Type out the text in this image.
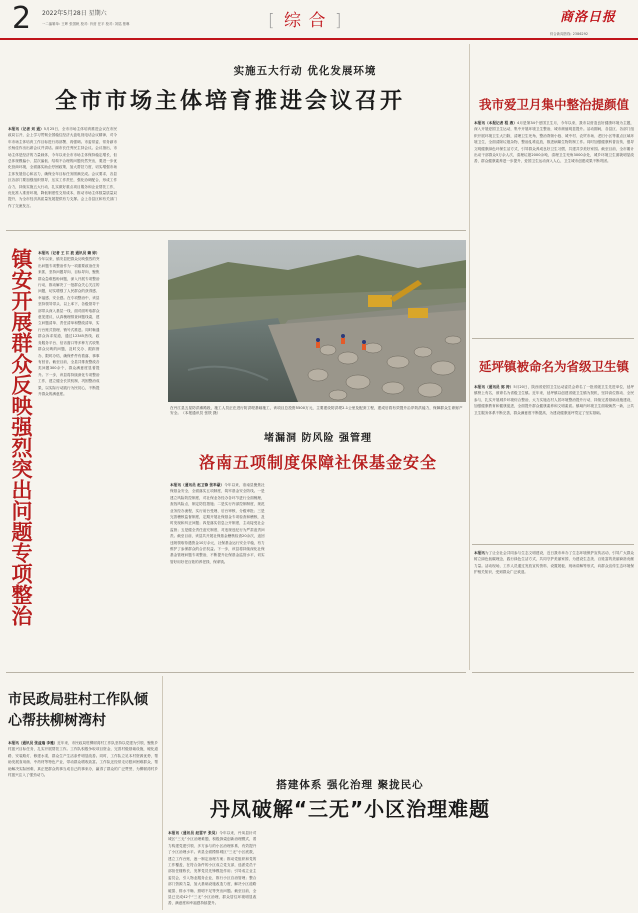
2 2022年5月28日 星期六
一二编辑单: 王晖 张国帆 校对: 肖营 任平 校对: 刘铭 焦琳	[ 综 合 ]	商洛日报
综合新闻热线: 2386292
实施五大行动 优化发展环境
全市市场主体培育推进会议召开
本报讯（记者 刘 通）5月25日，全市市场主体培育推进会议在市民政局召开，会上学习贯彻全国稳住经济大盘电视电话会议精神，对今年市场主体培育工作目标进行再部署、再强调。市委常委、常务副市长杨佳作出出席会议并讲话。副市长任秀民主持会议。会议指出，市场主体是经济的力量载体，今年以来全市市场主体保持稳定增长，但总体规模偏小、层次偏低、结构不合理的问题仍然突出，要进一步优化营商环境，全面落实助企纾困政策，加大帮扶力度，切实增强市场主体发展信心和活力，确保全年目标任务圆满完成。会议要求，各县区各部门要加强组织领导，压实工作责任，强化协调配合，形成工作合力，持续实施五大行动，扎实做好重点项目服务和企业帮扶工作，优化准入准营环境，降低制度性交易成本，推动市场主体数量质量双提升，为全市经济高质量发展提供有力支撑。会上各县区和有关部门作了交流发言。
镇安开展群众反映强烈突出问题专项整治 本报讯（记者 王 江 波 通讯员 赖 婷）今年以来，镇安县把群众反映强烈的突出问题专项整治作为一项重要政治任务来抓，坚持问题导向、目标导向，聚焦群众急难愁盼问题，深入开展专项整治行动，推动解决了一批群众关心关注的问题，切实增强了人民群众的获得感、幸福感、安全感。在专项整治中，该县坚持领导带头、以上率下，各级领导干部带头深入基层一线，面对面听取群众意见建议，认真梳理排查问题线索，建立问题清单、责任清单和整改清单，实行台账式管理、销号式推进。同时畅通群众诉求渠道，通过12345热线、政务服务平台、信访窗口等多种方式收集群众反映的问题，及时交办、跟踪督办、限时办结，确保件件有着落、事事有回音。截至目前，全县共排查整改各类问题300余个，群众满意度显著提升。下一步，该县将持续深化专项整治工作，建立健全长效机制，巩固整治成果，以实际行动践行为民初心，不断提升群众的满意度。
在丹江县五星防洪滩路段，施工人员正在进行防洪堤基础施工，该项目总投资5500万元，主要建设防洪堤2.1公里及配套工程，建成后将有效提升沿岸防洪能力，保障群众生命财产安全。（本报通讯员 张铁 摄）
堵漏洞 防风险 强管理
洛南五项制度保障社保基金安全
本报讯（通讯员 赵卫锋 张举豪）今年以来，洛南县聚焦社保基金安全，全面落实五项制度，筑牢基金安全防线。一是建立风险防控制度，对社保业务经办各环节进行全面梳理，查找风险点，制定防控措施；二是实行内部控制制度，规范业务经办流程，实行前台受理、后台审核、分级审批；三是完善稽核监督制度，定期开展社保基金专项检查和稽核，及时发现和纠正问题；四是落实信息公开制度，主动接受社会监督；五是健全责任追究制度，对违规违纪行为严肃追责问责。截至目前，该县共开展社保基金稽核检查20余次，追回违规领取待遇资金10万余元，社保基金运行安全平稳，有力维护了参保群众的合法权益。下一步，该县将持续深化社保基金管理问题专项整治，不断提升社保基金监管水平，切实管好用好老百姓的养老钱、保命钱。
我市爱卫月集中整治提颜值
本报讯（本报记者 程 燕）4月是第34个爱国卫生月，今年以来，我市以营造良好健康环境为主题，深入开展爱国卫生运动，集中开展环境卫生整治，城市颜值明显提升。活动期间，各县区、各部门组织开展环境卫生大扫除，清理卫生死角，整治背街小巷、城中村、农贸市场、老旧小区等重点区域环境卫生，全面清除垃圾杂物，整治乱堆乱放，推进病媒生物防制工作。同时加强健康科普宣传，倡导文明健康绿色环保生活方式，引导群众养成良好卫生习惯，共建共享美好家园。截至目前，全市累计出动干部群众5万余人次，清理垃圾2000余吨，清理卫生死角3000余处，城乡环境卫生面貌明显改善，群众健康素养进一步提升，爱国卫生运动深入人心，卫生城市创建成果不断巩固。
延坪镇被命名为省级卫生镇
本报讯（通讯员 郭 涛）5月20日，陕西省爱国卫生运动委员会命名了一批省级卫生先进单位，延坪镇榜上有名，被命名为省级卫生镇。近年来，延坪镇以创建省级卫生镇为契机，坚持高位推动、全民参与，扎实开展城乡环境综合整治，大力实施农村人居环境整治提升行动，持续完善基础设施建设，加强健康教育和健康促进，全面提升群众健康素养和文明素质。镇域内环境卫生面貌焕然一新，公共卫生服务体系不断完善，群众满意度不断提高，为建设健康延坪奠定了坚实基础。
本报讯为了让全社会共同参与生态文明建设，近日我市举办了生态环境保护宣传活动，引导广大群众树立绿色低碳理念，践行绿色生活方式，共同守护美丽家园，为建设生态美、百姓富的美丽商洛贡献力量。活动现场，工作人员通过发放宣传资料、设置展板、现场讲解等形式，向群众宣传生态环境保护相关知识，受到群众广泛欢迎。
市民政局驻村工作队倾心帮扶柳树湾村
本报讯（通讯员 张益瑞 李雅）近年来，市民政局驻柳树湾村工作队坚持以党建为引领，聚焦乡村振兴目标任务，扎实开展帮扶工作。工作队积极争取项目资金，完善村级基础设施，硬化道路、安装路灯、修建水渠，群众生产生活条件明显改善。同时，工作队立足本村资源优势，帮助发展食用菌、中药材等特色产业，带动群众增收致富。工作队还经常走访慰问困难群众，帮助解决实际困难，真正把群众的事当成自己的事来办，赢得了群众的广泛赞誉，为柳树湾村乡村振兴注入了强劲动力。
搭建体系 强化治理 聚拢民心
丹凤破解“三无”小区治理难题
本报讯（通讯员 赵雷平 张昊）今年以来，丹凤县针对城区“三无”小区治理难题，积极探索创新治理模式，着力构建党建引领、多方参与的小区治理体系，有效提升了小区治理水平。该县全面摸排城区“三无”小区底数，建立工作台账，逐一制定治理方案；推动党组织和党的工作覆盖，在符合条件的小区成立党支部，选派党员干部担任楼栋长，发挥党员先锋模范作用；引导成立业主委员会，引入物业服务企业，推行小区自治管理；整合部门资源力量，加大基础设施改造力度，解决小区道路破损、排水不畅、照明不足等突出问题。截至目前，全县已完成42个“三无”小区治理，群众居住环境明显改善，满意度和幸福感持续提升。
